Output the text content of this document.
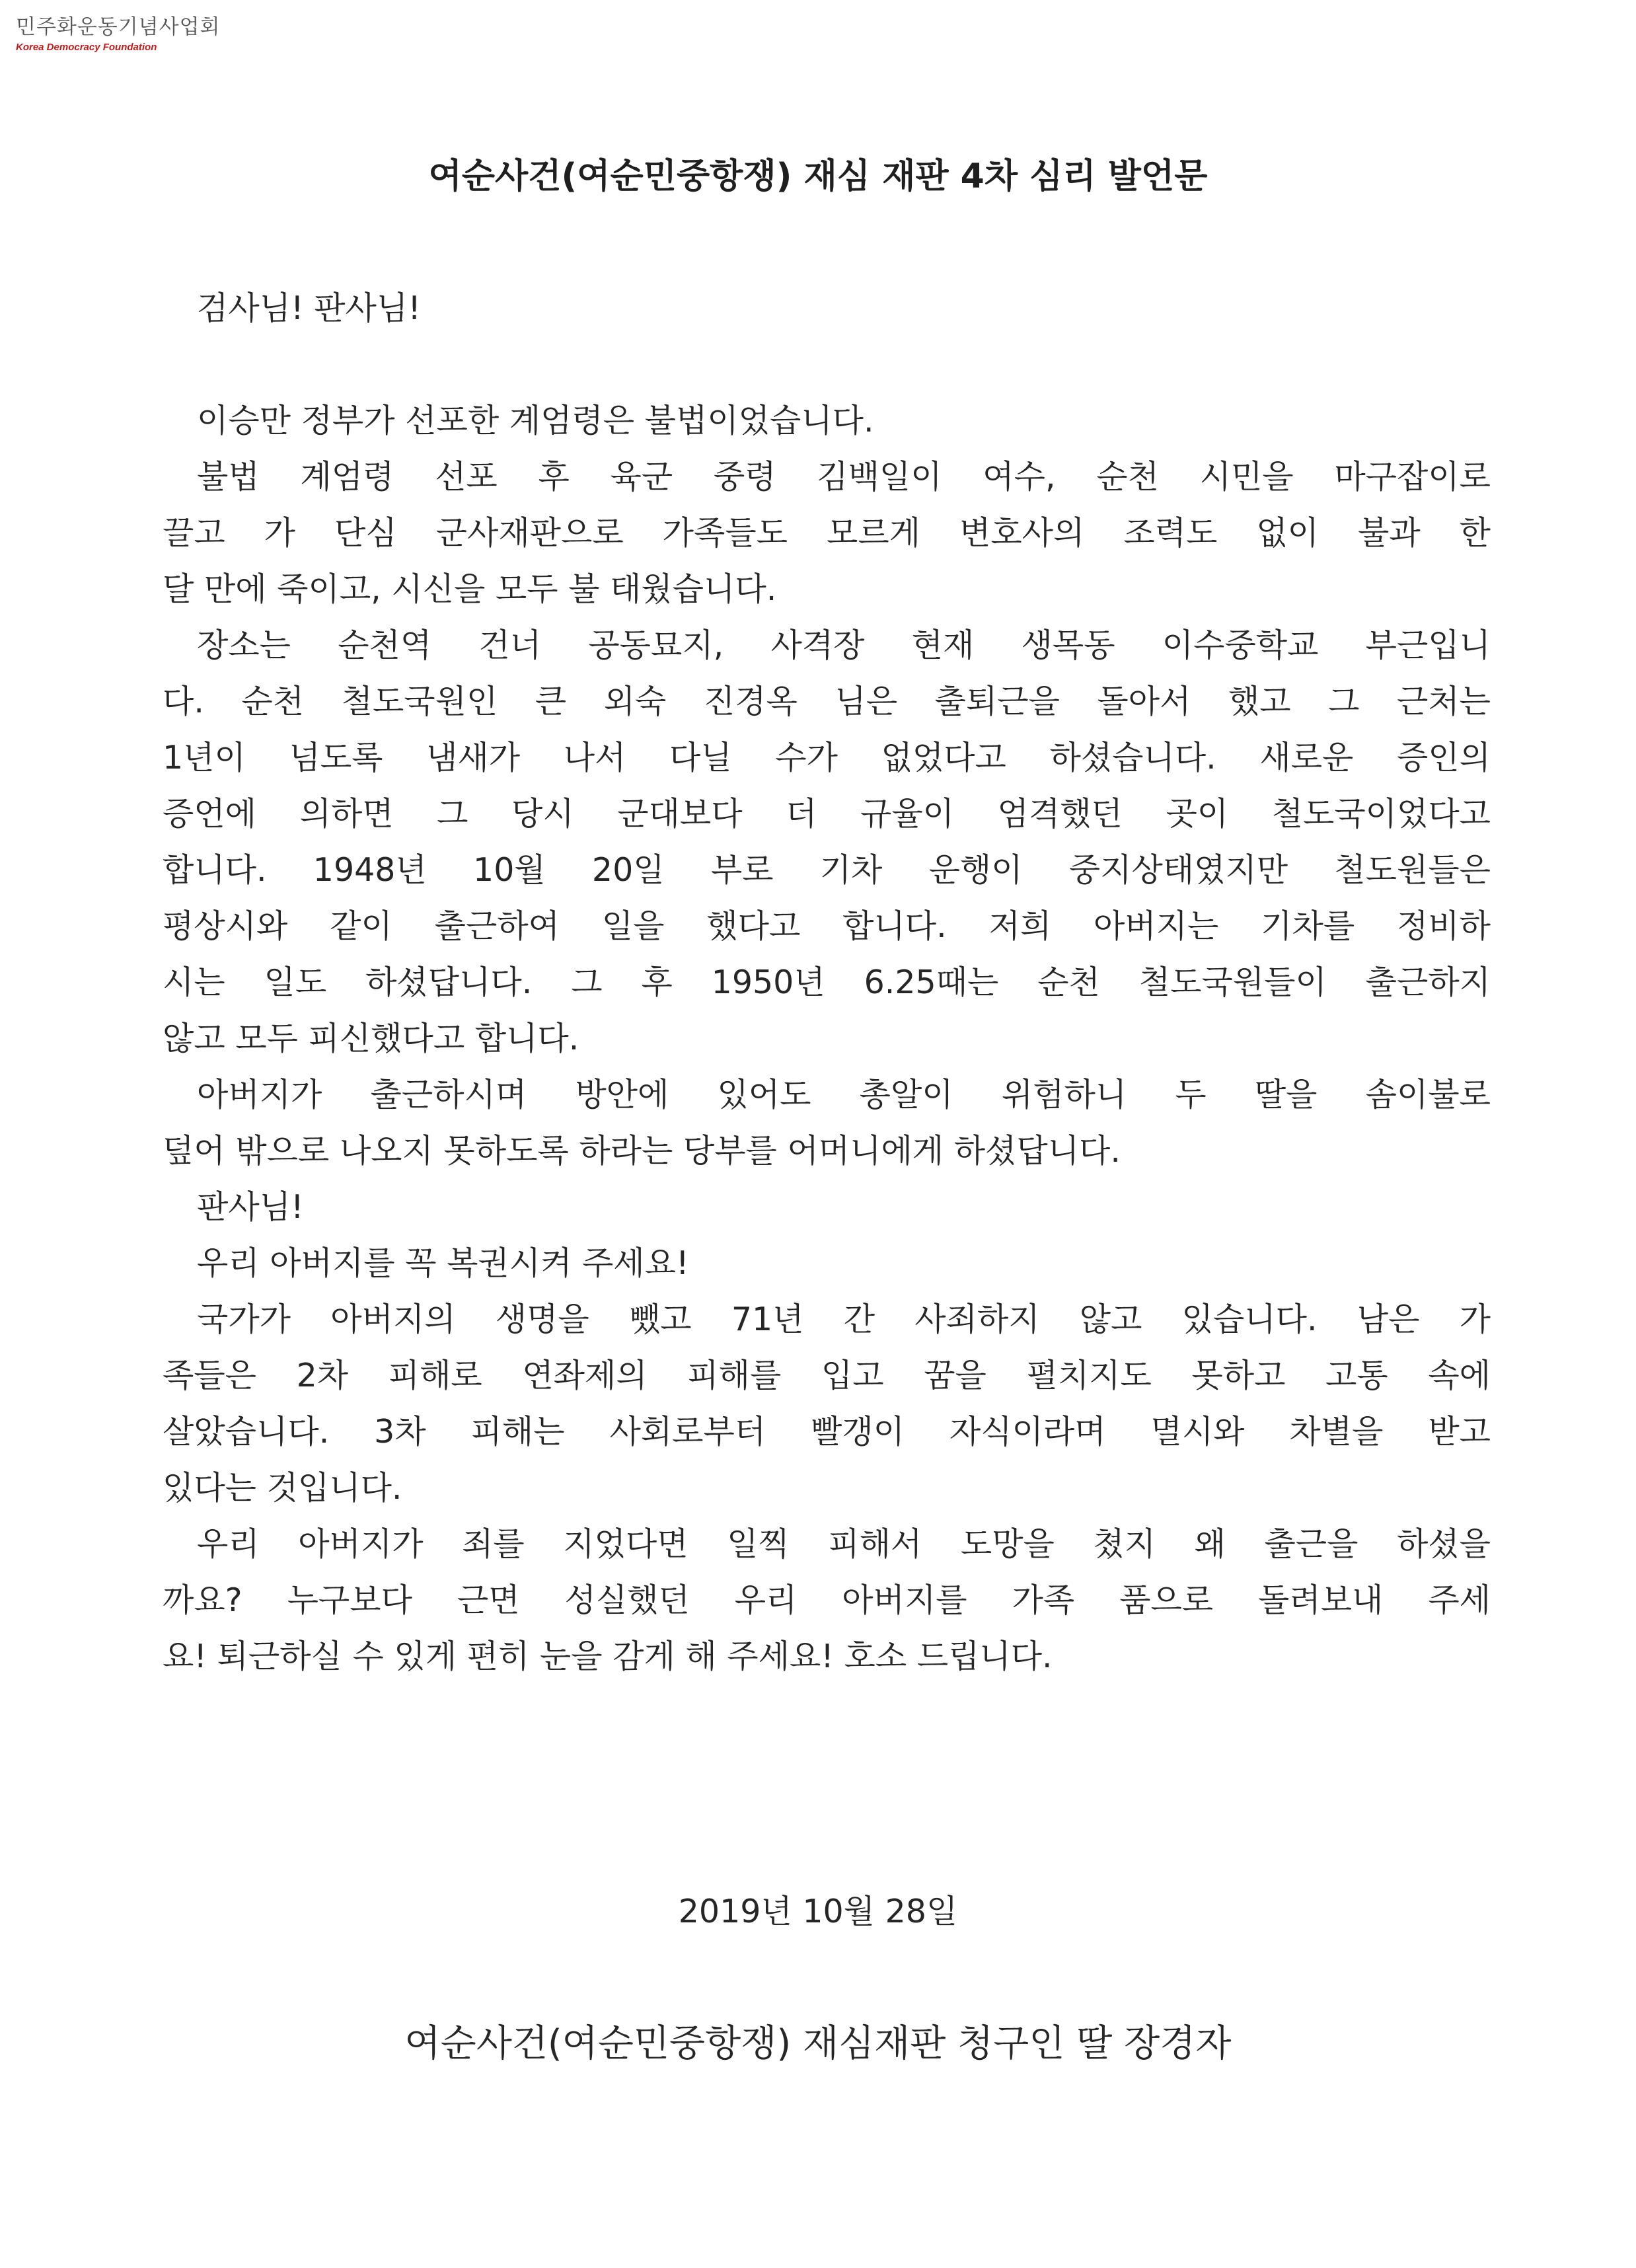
민주화운동기념사업회
Korea Democracy Foundation
여순사건(여순민중항쟁) 재심 재판 4차 심리 발언문
검사님! 판사님!
이승만 정부가 선포한 계엄령은 불법이었습니다.
불법 계엄령 선포 후 육군 중령 김백일이 여수, 순천 시민을 마구잡이로
끌고 가 단심 군사재판으로 가족들도 모르게 변호사의 조력도 없이 불과 한
달 만에 죽이고, 시신을 모두 불 태웠습니다.
장소는 순천역 건너 공동묘지, 사격장 현재 생목동 이수중학교 부근입니
다. 순천 철도국원인 큰 외숙 진경옥 님은 출퇴근을 돌아서 했고 그 근처는
1년이 넘도록 냄새가 나서 다닐 수가 없었다고 하셨습니다. 새로운 증인의
증언에 의하면 그 당시 군대보다 더 규율이 엄격했던 곳이 철도국이었다고
합니다. 1948년 10월 20일 부로 기차 운행이 중지상태였지만 철도원들은
평상시와 같이 출근하여 일을 했다고 합니다. 저희 아버지는 기차를 정비하
시는 일도 하셨답니다. 그 후 1950년 6.25때는 순천 철도국원들이 출근하지
않고 모두 피신했다고 합니다.
아버지가 출근하시며 방안에 있어도 총알이 위험하니 두 딸을 솜이불로
덮어 밖으로 나오지 못하도록 하라는 당부를 어머니에게 하셨답니다.
판사님!
우리 아버지를 꼭 복권시켜 주세요!
국가가 아버지의 생명을 뺐고 71년 간 사죄하지 않고 있습니다. 남은 가
족들은 2차 피해로 연좌제의 피해를 입고 꿈을 펼치지도 못하고 고통 속에
살았습니다. 3차 피해는 사회로부터 빨갱이 자식이라며 멸시와 차별을 받고
있다는 것입니다.
우리 아버지가 죄를 지었다면 일찍 피해서 도망을 쳤지 왜 출근을 하셨을
까요? 누구보다 근면 성실했던 우리 아버지를 가족 품으로 돌려보내 주세
요! 퇴근하실 수 있게 편히 눈을 감게 해 주세요! 호소 드립니다.
2019년 10월 28일
여순사건(여순민중항쟁) 재심재판 청구인 딸 장경자
